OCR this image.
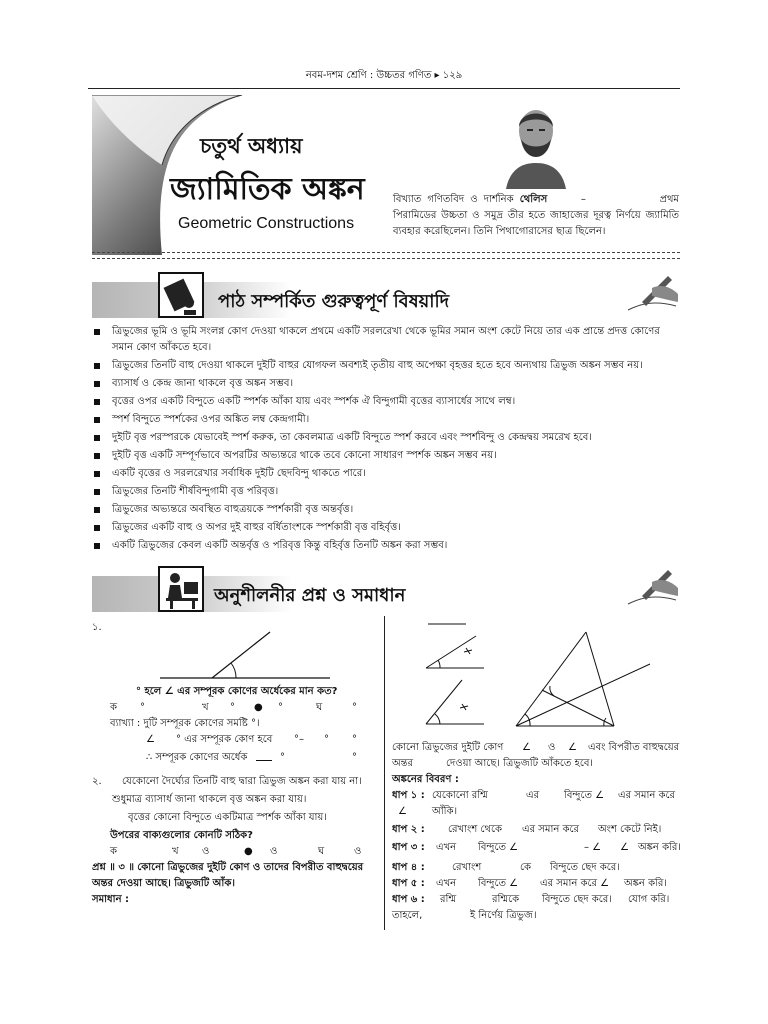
নবম-দশম শ্রেণি : উচ্চতর গণিত ▸ ১২৯
চতুর্থ অধ্যায়
জ্যামিতিক অঙ্কন
Geometric Constructions
বিখ্যাত গণিতবিদ ও দার্শনিক থেলিস	–	প্রথম পিরামিডের উচ্চতা ও সমুদ্র তীর হতে জাহাজের দূরত্ব নির্ণয়ে জ্যামিতি ব্যবহার করেছিলেন। তিনি পিথাগোরাসের ছাত্র ছিলেন।
পাঠ সম্পর্কিত গুরুত্বপূর্ণ বিষয়াদি
ত্রিভুজের ভূমি ও ভূমি সংলগ্ন কোণ দেওয়া থাকলে প্রথমে একটি সরলরেখা থেকে ভূমির সমান অংশ কেটে নিয়ে তার এক প্রান্তে প্রদত্ত কোণের সমান কোণ আঁকতে হবে।
ত্রিভুজের তিনটি বাহু দেওয়া থাকলে দুইটি বাহুর যোগফল অবশ্যই তৃতীয় বাহু অপেক্ষা বৃহত্তর হতে হবে অন্যথায় ত্রিভুজ অঙ্কন সম্ভব নয়।
ব্যাসার্ধ ও কেন্দ্র জানা থাকলে বৃত্ত অঙ্কন সম্ভব।
বৃত্তের ওপর একটি বিন্দুতে একটি স্পর্শক আঁকা যায় এবং স্পর্শক ঐ বিন্দুগামী বৃত্তের ব্যাসার্ধের সাথে লম্ব।
স্পর্শ বিন্দুতে স্পর্শকের ওপর অঙ্কিত লম্ব কেন্দ্রগামী।
দুইটি বৃত্ত পরস্পরকে যেভাবেই স্পর্শ করুক, তা কেবলমাত্র একটি বিন্দুতে স্পর্শ করবে এবং স্পর্শবিন্দু ও কেন্দ্রদ্বয় সমরেখ হবে।
দুইটি বৃত্ত একটি সম্পূর্ণভাবে অপরটির অভ্যন্তরে থাকে তবে কোনো সাধারণ স্পর্শক অঙ্কন সম্ভব নয়।
একটি বৃত্তের ও সরলরেখার সর্বাধিক দুইটি ছেদবিন্দু থাকতে পারে।
ত্রিভুজের তিনটি শীর্ষবিন্দুগামী বৃত্ত পরিবৃত্ত।
ত্রিভুজের অভ্যন্তরে অবস্থিত বাহুত্রয়কে স্পর্শকারী বৃত্ত অন্তর্বৃত্ত।
ত্রিভুজের একটি বাহু ও অপর দুই বাহুর বর্ধিতাংশকে স্পর্শকারী বৃত্ত বহির্বৃত্ত।
একটি ত্রিভুজের কেবল একটি অন্তর্বৃত্ত ও পরিবৃত্ত কিন্তু বহির্বৃত্ত তিনটি অঙ্কন করা সম্ভব।
অনুশীলনীর প্রশ্ন ও সমাধান
১.
° হলে ∠ এর সম্পূরক কোণের অর্ধেকের মান কত?
ক °	খ ° ● °	ঘ	°
ব্যাখ্যা : দুটি সম্পূরক কোণের সমষ্টি °।
∠ ° এর সম্পূরক কোণ হবে °– ° °
∴ সম্পূরক কোণের অর্ধেক	°	°
২. যেকোনো দৈর্ঘ্যের তিনটি বাহু দ্বারা ত্রিভুজ অঙ্কন করা যায় না।
শুধুমাত্র ব্যাসার্ধ জানা থাকলে বৃত্ত অঙ্কন করা যায়।
বৃত্তের কোনো বিন্দুতে একটিমাত্র স্পর্শক আঁকা যায়।
উপরের বাক্যগুলোর কোনটি সঠিক?
ক	খ ও	● ও	ঘ	ও
প্রশ্ন ॥ ৩ ॥ কোনো ত্রিভুজের দুইটি কোণ ও তাদের বিপরীত বাহুদ্বয়ের অন্তর দেওয়া আছে। ত্রিভুজটি আঁক।
সমাধান :
কোনো ত্রিভুজের দুইটি কোণ ∠ ও ∠ এবং বিপরীত বাহুদ্বয়ের
অন্তর	দেওয়া আছে। ত্রিভুজটি আঁকতে হবে।
অঙ্কনের বিবরণ :
ধাপ ১ : যেকোনো রশ্মি	এর বিন্দুতে ∠ এর সমান করে
∠	আঁকি।
ধাপ ২ : রেখাংশ থেকে এর সমান করে অংশ কেটে নিই।
ধাপ ৩ : এখন বিন্দুতে ∠	– ∠ ∠ অঙ্কন করি।
ধাপ ৪ :	রেখাংশ	কে বিন্দুতে ছেদ করে।
ধাপ ৫ : এখন বিন্দুতে ∠ এর সমান করে ∠ অঙ্কন করি।
ধাপ ৬ : রশ্মি	রশ্মিকে বিন্দুতে ছেদ করে। যোগ করি।
তাহলে,	ই নির্ণেয় ত্রিভুজ।
